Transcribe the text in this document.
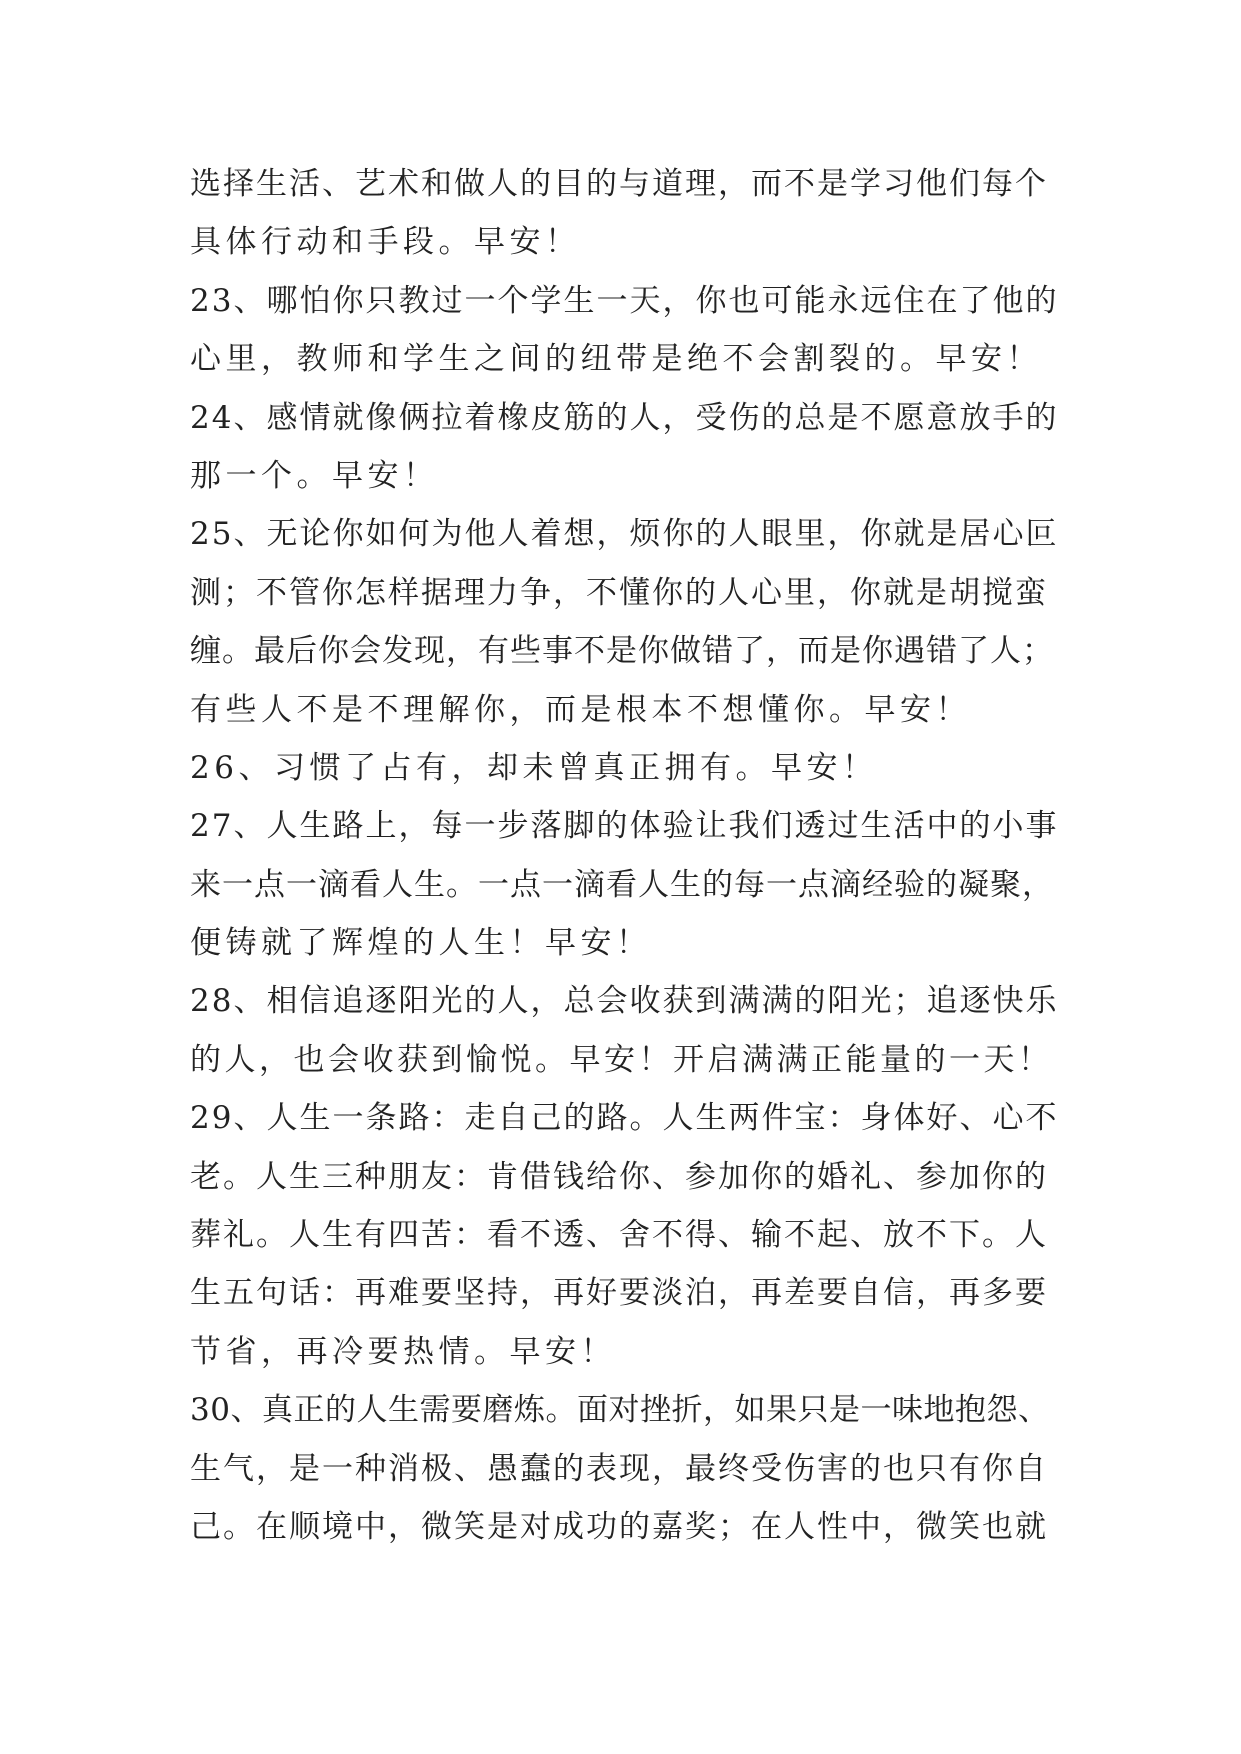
选择生活、艺术和做人的目的与道理，而不是学习他们每个
具体行动和手段。早安！
23、哪怕你只教过一个学生一天，你也可能永远住在了他的
心里，教师和学生之间的纽带是绝不会割裂的。早安！
24、感情就像俩拉着橡皮筋的人，受伤的总是不愿意放手的
那一个。早安！
25、无论你如何为他人着想，烦你的人眼里，你就是居心叵
测；不管你怎样据理力争，不懂你的人心里，你就是胡搅蛮
缠。最后你会发现，有些事不是你做错了，而是你遇错了人；
有些人不是不理解你，而是根本不想懂你。早安！
26、习惯了占有，却未曾真正拥有。早安！
27、人生路上，每一步落脚的体验让我们透过生活中的小事
来一点一滴看人生。一点一滴看人生的每一点滴经验的凝聚，
便铸就了辉煌的人生！早安！
28、相信追逐阳光的人，总会收获到满满的阳光；追逐快乐
的人，也会收获到愉悦。早安！开启满满正能量的一天！
29、人生一条路：走自己的路。人生两件宝：身体好、心不
老。人生三种朋友：肯借钱给你、参加你的婚礼、参加你的
葬礼。人生有四苦：看不透、舍不得、输不起、放不下。人
生五句话：再难要坚持，再好要淡泊，再差要自信，再多要
节省，再冷要热情。早安！
30、真正的人生需要磨炼。面对挫折，如果只是一味地抱怨、
生气，是一种消极、愚蠢的表现，最终受伤害的也只有你自
己。在顺境中，微笑是对成功的嘉奖；在人性中，微笑也就
